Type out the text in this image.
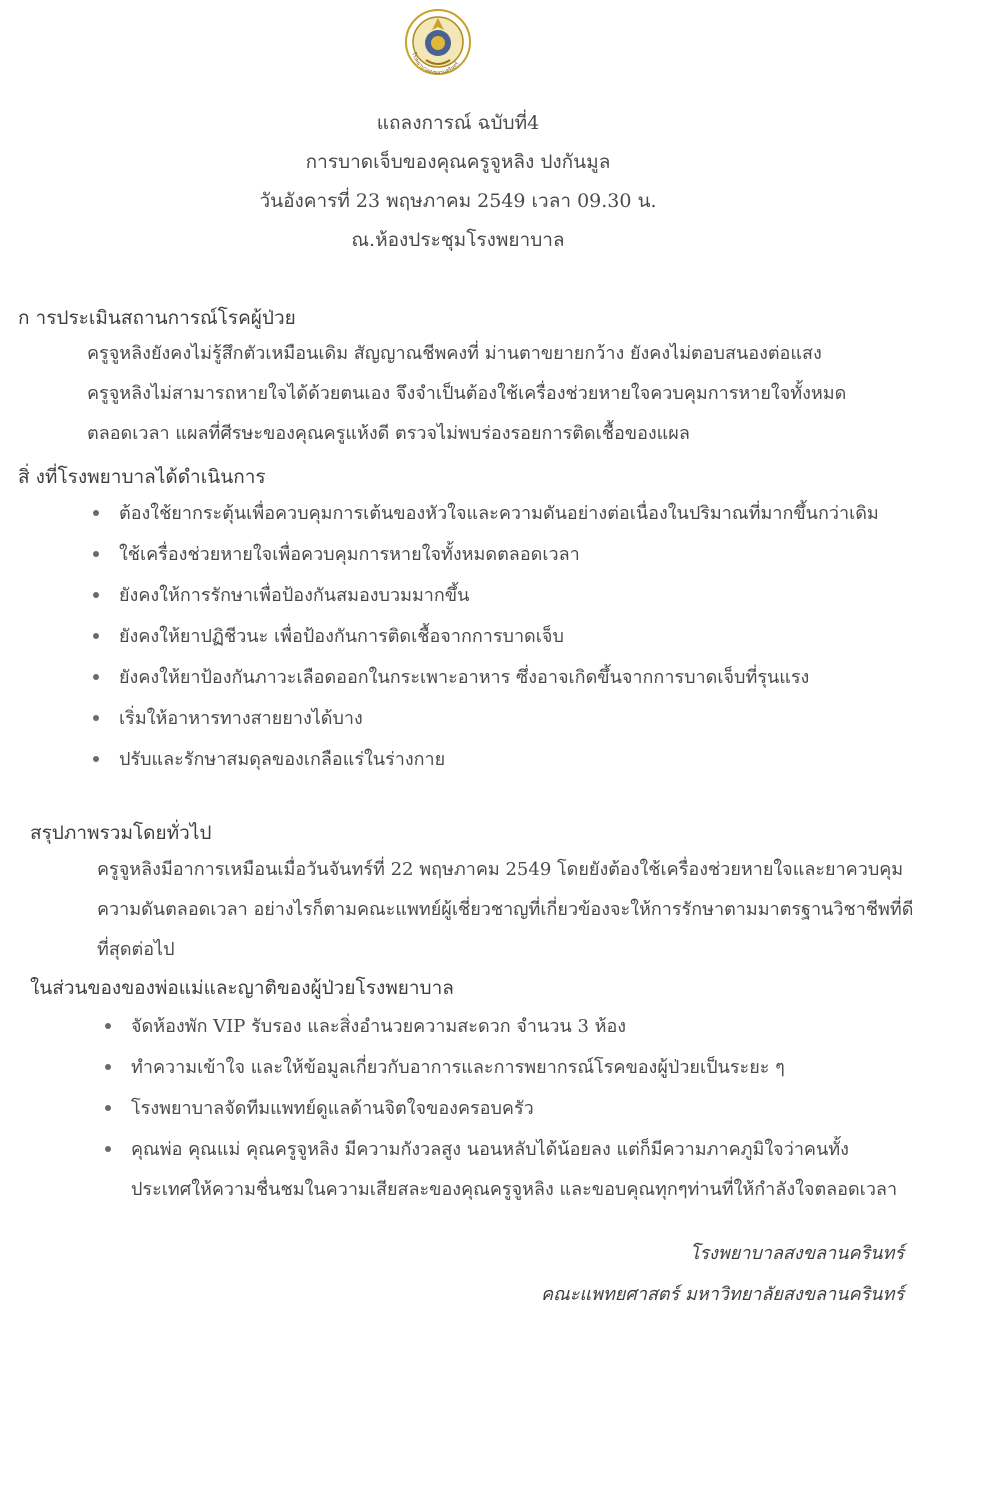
โรงพยาบาลสงขลานครินทร์
แถลงการณ์ ฉบับที่4
การบาดเจ็บของคุณครูจูหลิง ปงกันมูล
วันอังคารที่ 23 พฤษภาคม 2549 เวลา 09.30 น.
ณ.ห้องประชุมโรงพยาบาล
ก ารประเมินสถานการณ์โรคผู้ป่วย
ครูจูหลิงยังคงไม่รู้สึกตัวเหมือนเดิม สัญญาณชีพคงที่ ม่านตาขยายกว้าง ยังคงไม่ตอบสนองต่อแสง
ครูจูหลิงไม่สามารถหายใจได้ด้วยตนเอง จึงจำเป็นต้องใช้เครื่องช่วยหายใจควบคุมการหายใจทั้งหมด
ตลอดเวลา แผลที่ศีรษะของคุณครูแห้งดี ตรวจไม่พบร่องรอยการติดเชื้อของแผล
สิ่ งที่โรงพยาบาลได้ดำเนินการ
ต้องใช้ยากระตุ้นเพื่อควบคุมการเต้นของหัวใจและความดันอย่างต่อเนื่องในปริมาณที่มากขึ้นกว่าเดิม
ใช้เครื่องช่วยหายใจเพื่อควบคุมการหายใจทั้งหมดตลอดเวลา
ยังคงให้การรักษาเพื่อป้องกันสมองบวมมากขึ้น
ยังคงให้ยาปฏิชีวนะ เพื่อป้องกันการติดเชื้อจากการบาดเจ็บ
ยังคงให้ยาป้องกันภาวะเลือดออกในกระเพาะอาหาร ซึ่งอาจเกิดขึ้นจากการบาดเจ็บที่รุนแรง
เริ่มให้อาหารทางสายยางได้บาง
ปรับและรักษาสมดุลของเกลือแร่ในร่างกาย
สรุปภาพรวมโดยทั่วไป
ครูจูหลิงมีอาการเหมือนเมื่อวันจันทร์ที่ 22 พฤษภาคม 2549 โดยยังต้องใช้เครื่องช่วยหายใจและยาควบคุม
ความดันตลอดเวลา อย่างไรก็ตามคณะแพทย์ผู้เชี่ยวชาญที่เกี่ยวข้องจะให้การรักษาตามมาตรฐานวิชาชีพที่ดี
ที่สุดต่อไป
ในส่วนของของพ่อแม่และญาติของผู้ป่วยโรงพยาบาล
จัดห้องพัก VIP รับรอง และสิ่งอำนวยความสะดวก จำนวน 3 ห้อง
ทำความเข้าใจ และให้ข้อมูลเกี่ยวกับอาการและการพยากรณ์โรคของผู้ป่วยเป็นระยะ ๆ
โรงพยาบาลจัดทีมแพทย์ดูแลด้านจิตใจของครอบครัว
คุณพ่อ คุณแม่ คุณครูจูหลิง มีความกังวลสูง นอนหลับได้น้อยลง แต่ก็มีความภาคภูมิใจว่าคนทั้ง
ประเทศให้ความชื่นชมในความเสียสละของคุณครูจูหลิง และขอบคุณทุกๆท่านที่ให้กำลังใจตลอดเวลา
โรงพยาบาลสงขลานครินทร์
คณะแพทยศาสตร์ มหาวิทยาลัยสงขลานครินทร์
